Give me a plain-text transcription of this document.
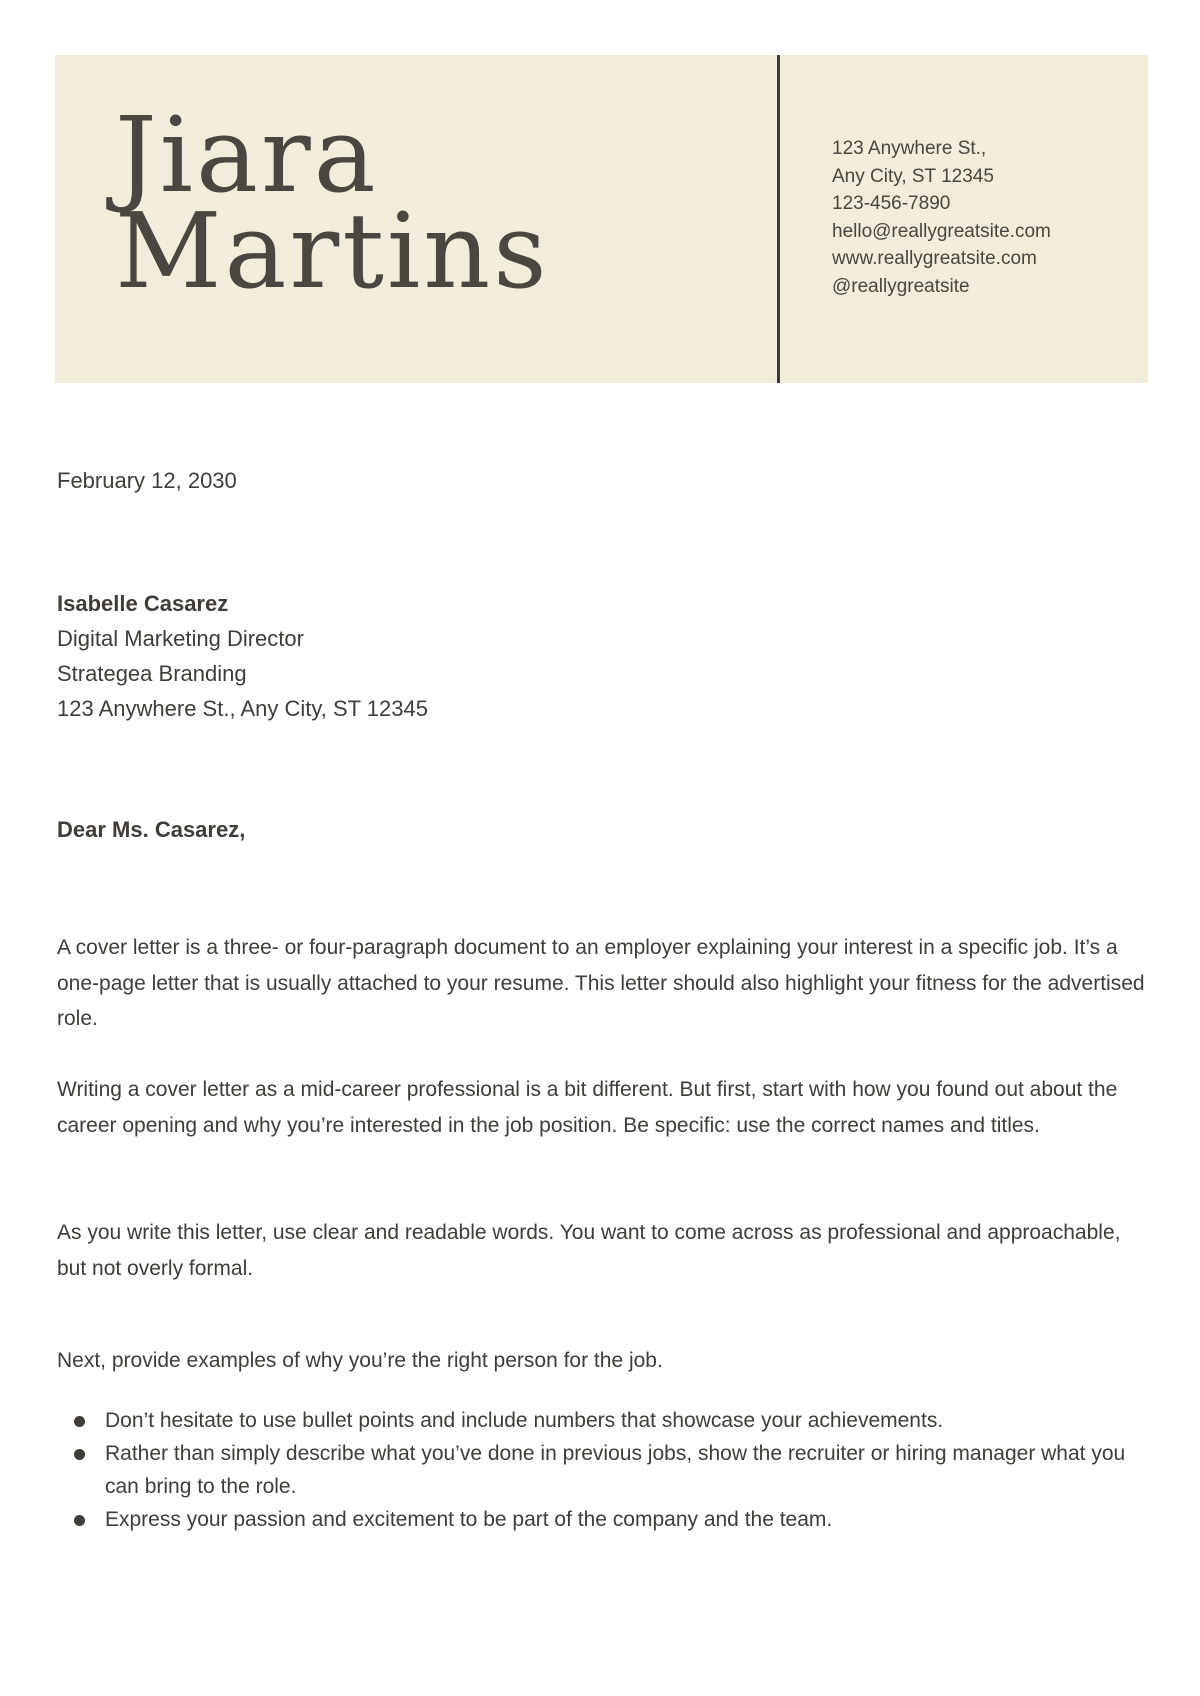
Jiara
Martins
123 Anywhere St.,
Any City, ST 12345
123-456-7890
hello@reallygreatsite.com
www.reallygreatsite.com
@reallygreatsite

February 12, 2030

Isabelle Casarez
Digital Marketing Director
Strategea Branding
123 Anywhere St., Any City, ST 12345

Dear Ms. Casarez,

A cover letter is a three- or four-paragraph document to an employer explaining your interest in a specific job. It’s a one-page letter that is usually attached to your resume. This letter should also highlight your fitness for the advertised role.

Writing a cover letter as a mid-career professional is a bit different. But first, start with how you found out about the career opening and why you’re interested in the job position. Be specific: use the correct names and titles.

As you write this letter, use clear and readable words. You want to come across as professional and approachable, but not overly formal.

Next, provide examples of why you’re the right person for the job.

Don’t hesitate to use bullet points and include numbers that showcase your achievements.
Rather than simply describe what you’ve done in previous jobs, show the recruiter or hiring manager what you can bring to the role.
Express your passion and excitement to be part of the company and the team.
